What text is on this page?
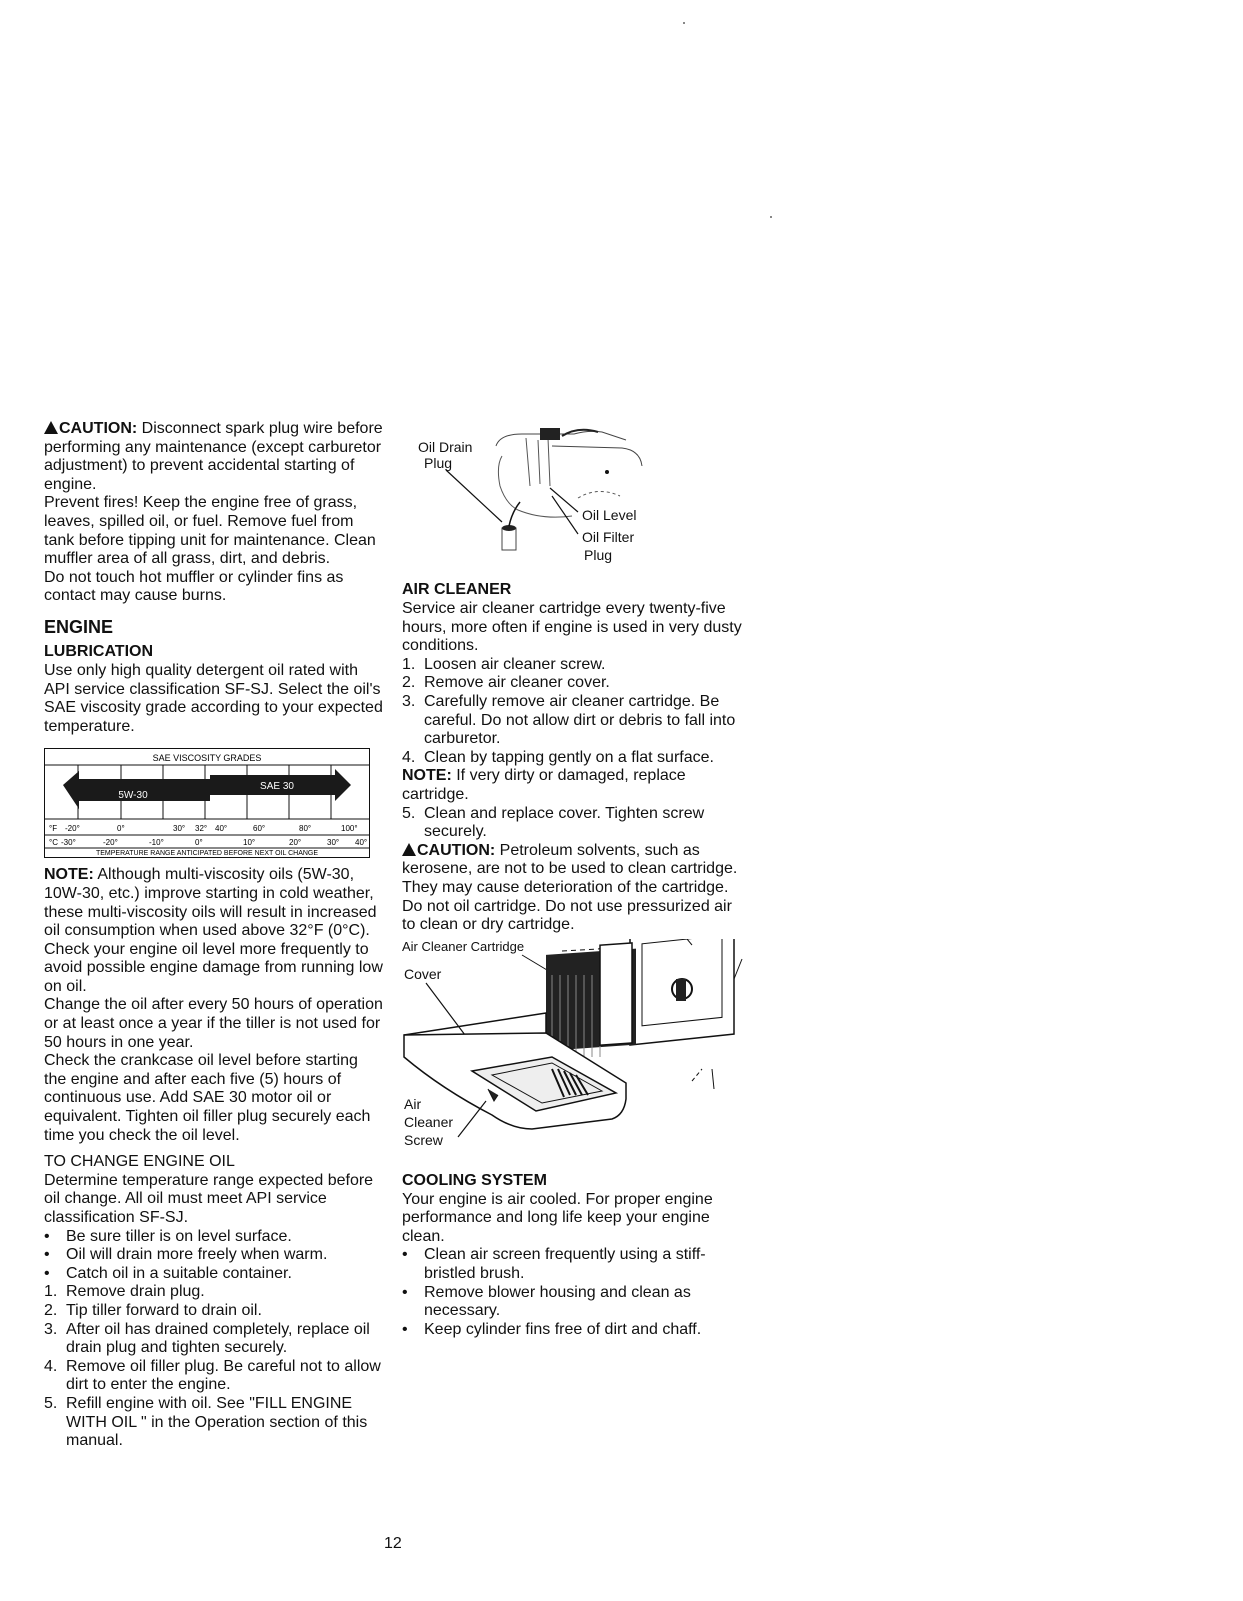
CAUTION: Disconnect spark plug wire before performing any maintenance (except carburetor adjustment) to prevent accidental starting of engine.

Prevent fires! Keep the engine free of grass, leaves, spilled oil, or fuel. Remove fuel from tank before tipping unit for maintenance. Clean muffler area of all grass, dirt, and debris.

Do not touch hot muffler or cylinder fins as contact may cause burns.

ENGINE
LUBRICATION

Use only high quality detergent oil rated with API service classification SF-SJ. Select the oil's SAE viscosity grade according to your expected temperature.

SAE VISCOSITY GRADES
SAE 30
5W-30
°F -20°	0°	30° 32° 40°	60°	80°	100°
°C -30°	-20°	-10°	0°	10°	20°	30° 40°
TEMPERATURE RANGE ANTICIPATED BEFORE NEXT OIL CHANGE

NOTE: Although multi-viscosity oils (5W-30, 10W-30, etc.) improve starting in cold weather, these multi-viscosity oils will result in increased oil consumption when used above 32°F (0°C). Check your engine oil level more frequently to avoid possible engine damage from running low on oil.

Change the oil after every 50 hours of operation or at least once a year if the tiller is not used for 50 hours in one year.

Check the crankcase oil level before starting the engine and after each five (5) hours of continuous use. Add SAE 30 motor oil or equivalent. Tighten oil filler plug securely each time you check the oil level.

TO CHANGE ENGINE OIL

Determine temperature range expected before oil change. All oil must meet API service classification SF-SJ.

•	Be sure tiller is on level surface.
•	Oil will drain more freely when warm.
•	Catch oil in a suitable container.
1. Remove drain plug.
2. Tip tiller forward to drain oil.
3. After oil has drained completely, replace oil drain plug and tighten securely.
4. Remove oil filler plug. Be careful not to allow dirt to enter the engine.
5. Refill engine with oil. See "FILL ENGINE WITH OIL " in the Operation section of this manual.
Oil Drain
Plug
Oil Level
Oil Filter
Plug
AIR CLEANER

Service air cleaner cartridge every twenty-five hours, more often if engine is used in very dusty conditions.

1. Loosen air cleaner screw.
2. Remove air cleaner cover.
3. Carefully remove air cleaner cartridge. Be careful. Do not allow dirt or debris to fall into carburetor.
4. Clean by tapping gently on a flat surface.

NOTE: If very dirty or damaged, replace cartridge.

5. Clean and replace cover. Tighten screw securely.

CAUTION: Petroleum solvents, such as kerosene, are not to be used to clean cartridge. They may cause deterioration of the cartridge. Do not oil cartridge. Do not use pressurized air to clean or dry cartridge.

Air Cleaner Cartridge
Cover
Air
Cleaner
Screw
COOLING SYSTEM

Your engine is air cooled. For proper engine performance and long life keep your engine clean.

•	Clean air screen frequently using a stiff-bristled brush.
•	Remove blower housing and clean as necessary.
•	Keep cylinder fins free of dirt and chaff.
12
